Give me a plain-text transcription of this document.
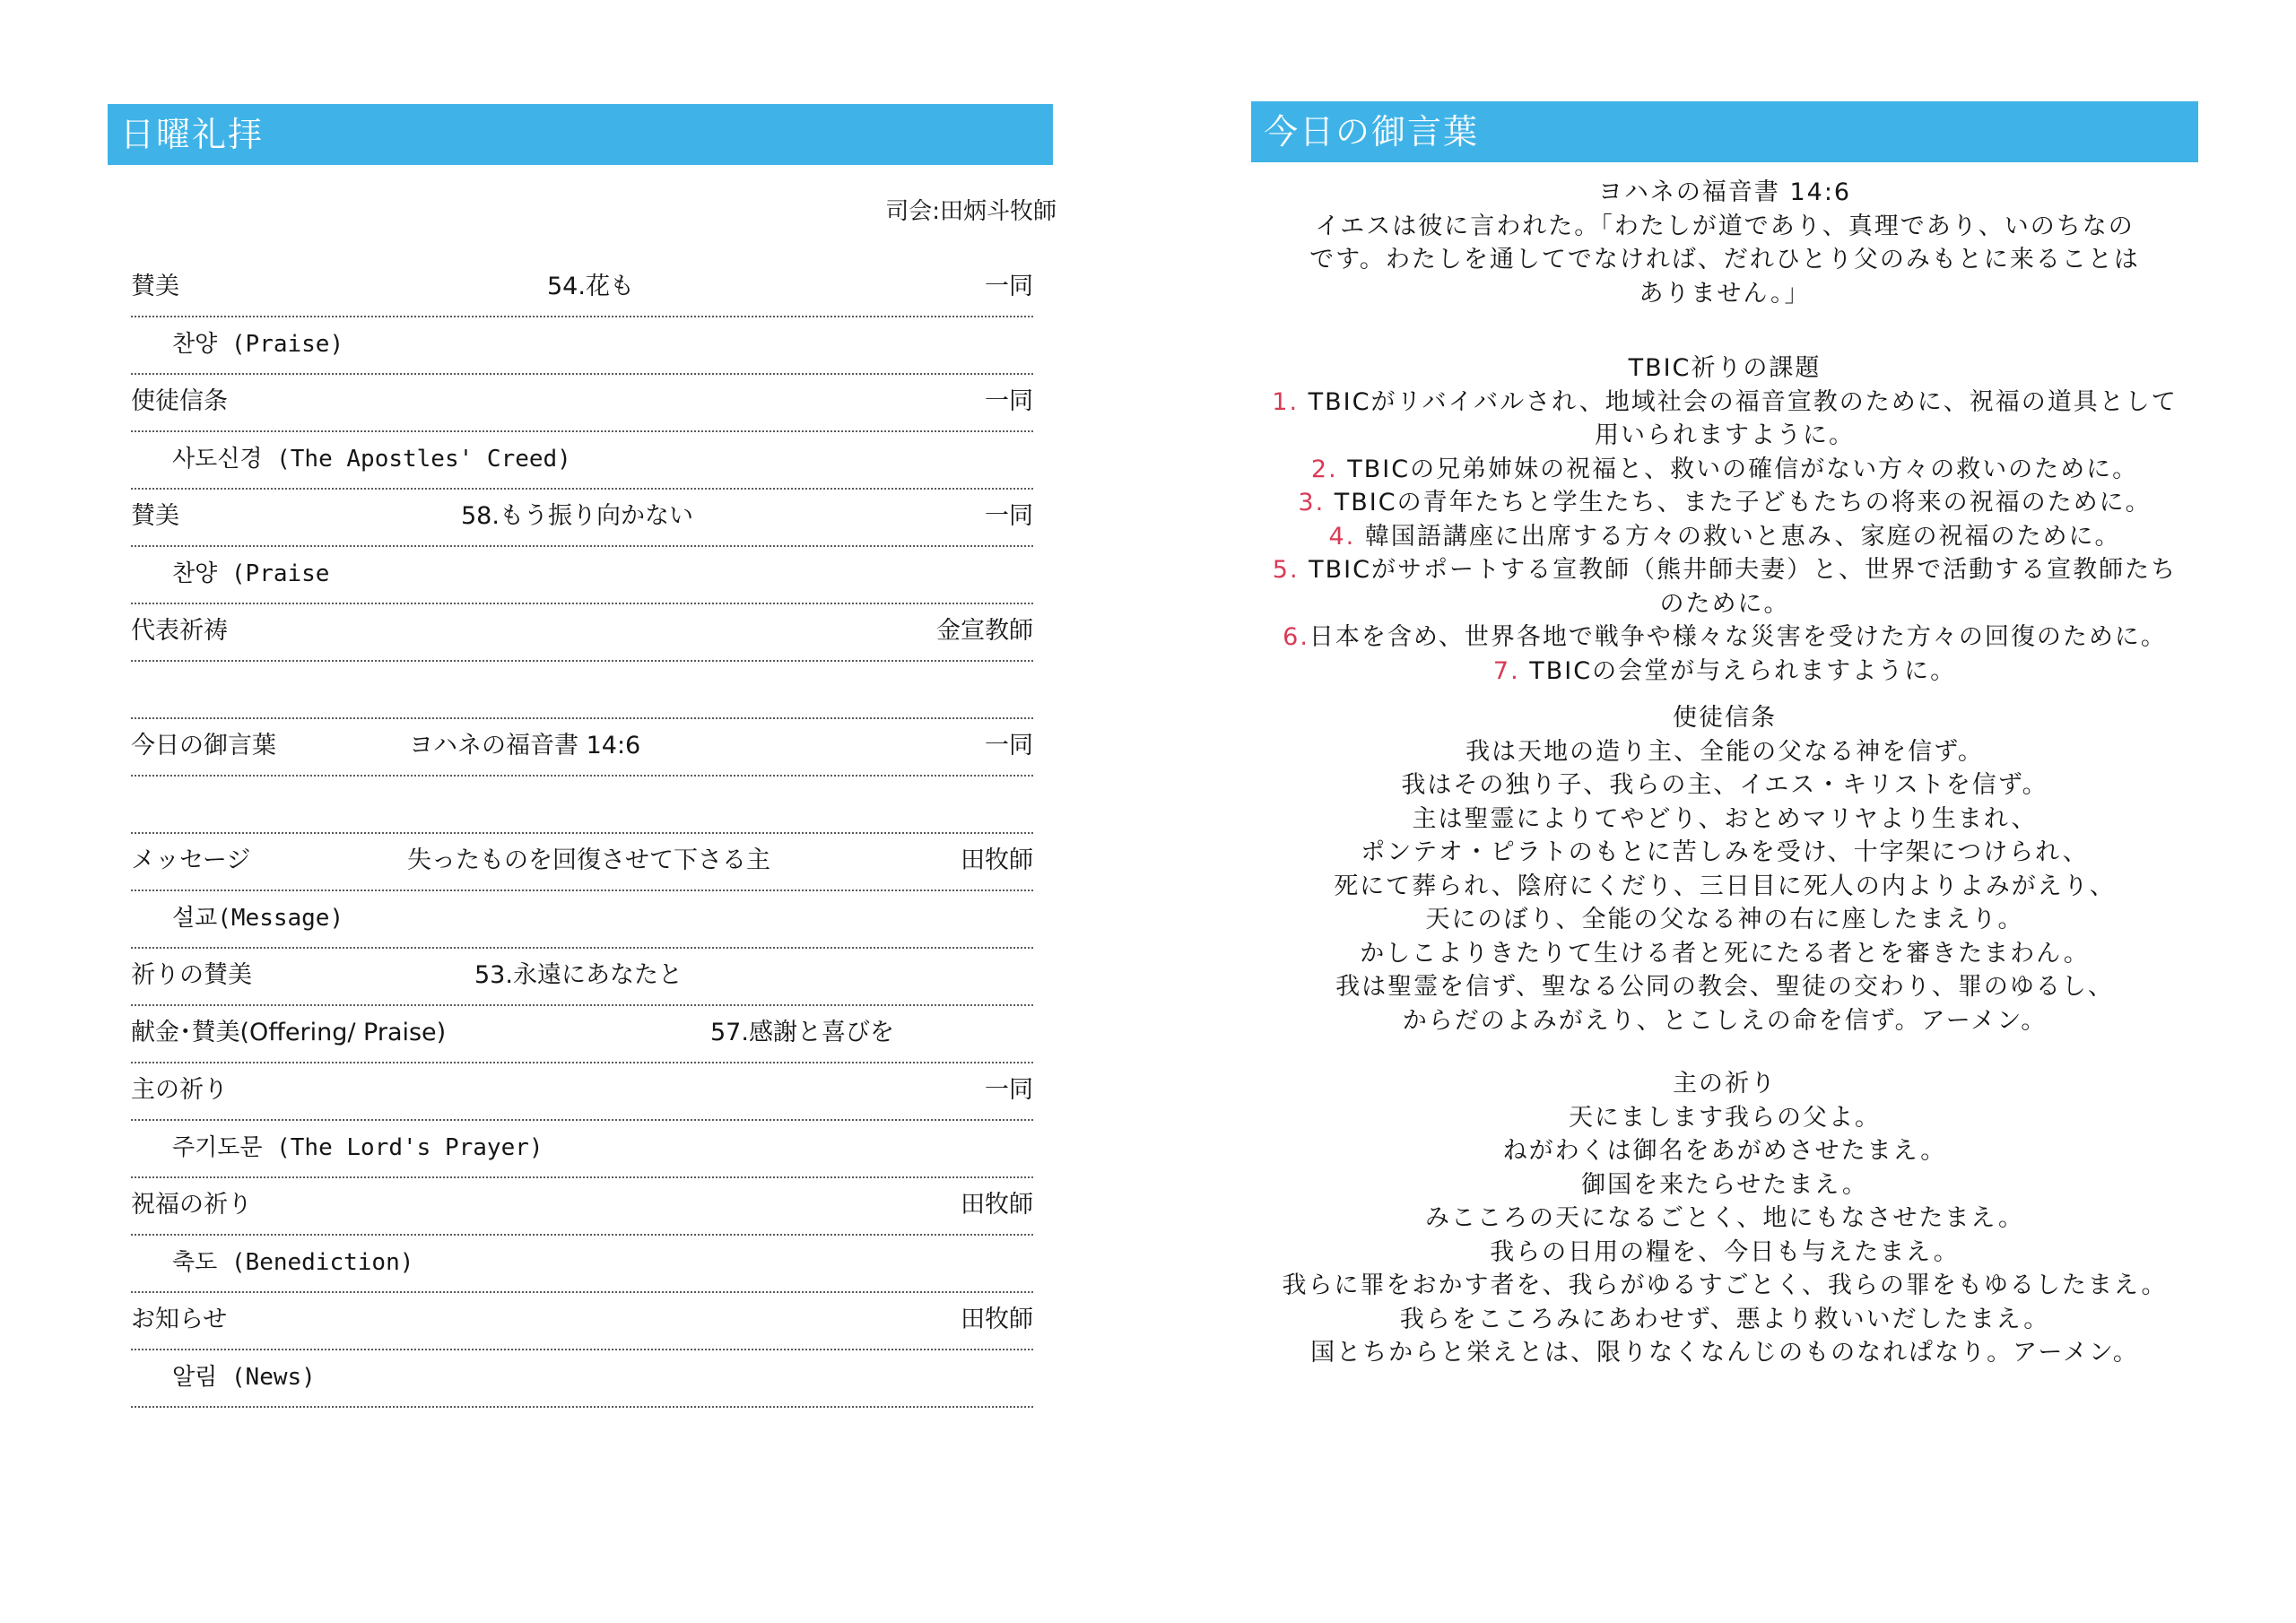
日曜礼拝
司会:田炳斗牧師
賛美	54.花も	一同
찬양 (Praise)
使徒信条	一同
사도신경 (The Apostles' Creed)
賛美	58.もう振り向かない	一同
찬양 (Praise
代表祈祷	金宣教師
今日の御言葉	ヨハネの福音書 14:6	一同
メッセージ	失ったものを回復させて下さる主	田牧師
설교(Message)
祈りの賛美	53.永遠にあなたと
献金･賛美(Offering/ Praise)	57.感謝と喜びを
主の祈り	一同
주기도문 (The Lord's Prayer)
祝福の祈り	田牧師
축도 (Benediction)
お知らせ	田牧師
알림 (News)
今日の御言葉
ヨハネの福音書 14:6
イエスは彼に言われた。「わたしが道であり、真理であり、いのちなの
です。わたしを通してでなければ、だれひとり父のみもとに来ることは
ありません。」
TBIC祈りの課題
1. TBICがリバイバルされ、地域社会の福音宣教のために、祝福の道具として
用いられますように。
2. TBICの兄弟姉妹の祝福と、救いの確信がない方々の救いのために。
3. TBICの青年たちと学生たち、また子どもたちの将来の祝福のために。
4. 韓国語講座に出席する方々の救いと恵み、家庭の祝福のために。
5. TBICがサポートする宣教師（熊井師夫妻）と、世界で活動する宣教師たち
のために。
6.日本を含め、世界各地で戦争や様々な災害を受けた方々の回復のために。
7. TBICの会堂が与えられますように。
使徒信条
我は天地の造り主、全能の父なる神を信ず。
我はその独り子、我らの主、イエス・キリストを信ず。
主は聖霊によりてやどり、おとめマリヤより生まれ、
ポンテオ・ピラトのもとに苦しみを受け、十字架につけられ、
死にて葬られ、陰府にくだり、三日目に死人の内よりよみがえり、
天にのぼり、全能の父なる神の右に座したまえり。
かしこよりきたりて生ける者と死にたる者とを審きたまわん。
我は聖霊を信ず、聖なる公同の教会、聖徒の交わり、罪のゆるし、
からだのよみがえり、とこしえの命を信ず。アーメン。
主の祈り
天にまします我らの父よ。
ねがわくは御名をあがめさせたまえ。
御国を来たらせたまえ。
みこころの天になるごとく、地にもなさせたまえ。
我らの日用の糧を、今日も与えたまえ。
我らに罪をおかす者を、我らがゆるすごとく、我らの罪をもゆるしたまえ。
我らをこころみにあわせず、悪より救いいだしたまえ。
国とちからと栄えとは、限りなくなんじのものなれぱなり。アーメン。
